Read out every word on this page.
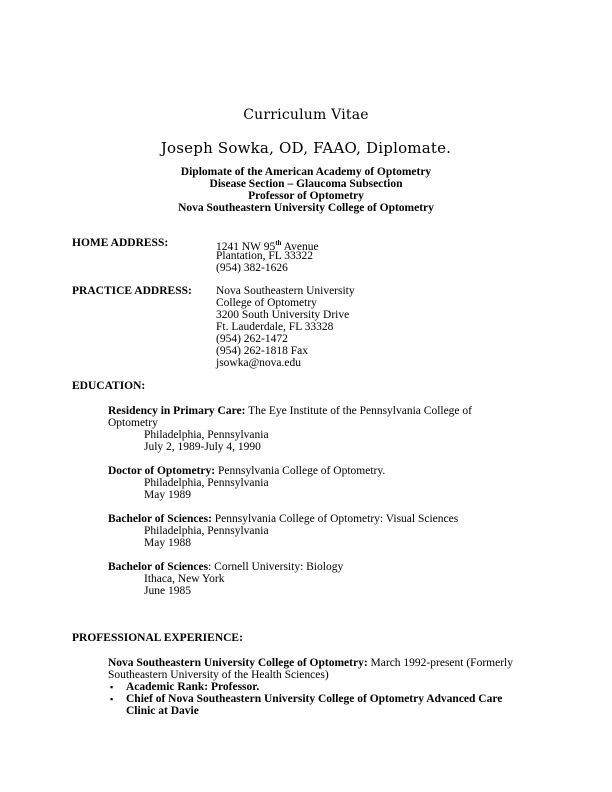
Curriculum Vitae
Joseph Sowka, OD, FAAO, Diplomate.
Diplomate of the American Academy of Optometry
Disease Section – Glaucoma Subsection
Professor of Optometry
Nova Southeastern University College of Optometry
HOME ADDRESS:	1241 NW 95th Avenue
Plantation, FL 33322
(954) 382-1626
PRACTICE ADDRESS: Nova Southeastern University
College of Optometry
3200 South University Drive
Ft. Lauderdale, FL 33328
(954) 262-1472
(954) 262-1818 Fax
jsowka@nova.edu
EDUCATION:
Residency in Primary Care: The Eye Institute of the Pennsylvania College of
Optometry
Philadelphia, Pennsylvania
July 2, 1989-July 4, 1990
Doctor of Optometry: Pennsylvania College of Optometry.
Philadelphia, Pennsylvania
May 1989
Bachelor of Sciences: Pennsylvania College of Optometry: Visual Sciences
Philadelphia, Pennsylvania
May 1988
Bachelor of Sciences: Cornell University: Biology
Ithaca, New York
June 1985
PROFESSIONAL EXPERIENCE:
Nova Southeastern University College of Optometry: March 1992-present (Formerly
Southeastern University of the Health Sciences)
▪ Academic Rank: Professor.
▪ Chief of Nova Southeastern University College of Optometry Advanced Care
Clinic at Davie
